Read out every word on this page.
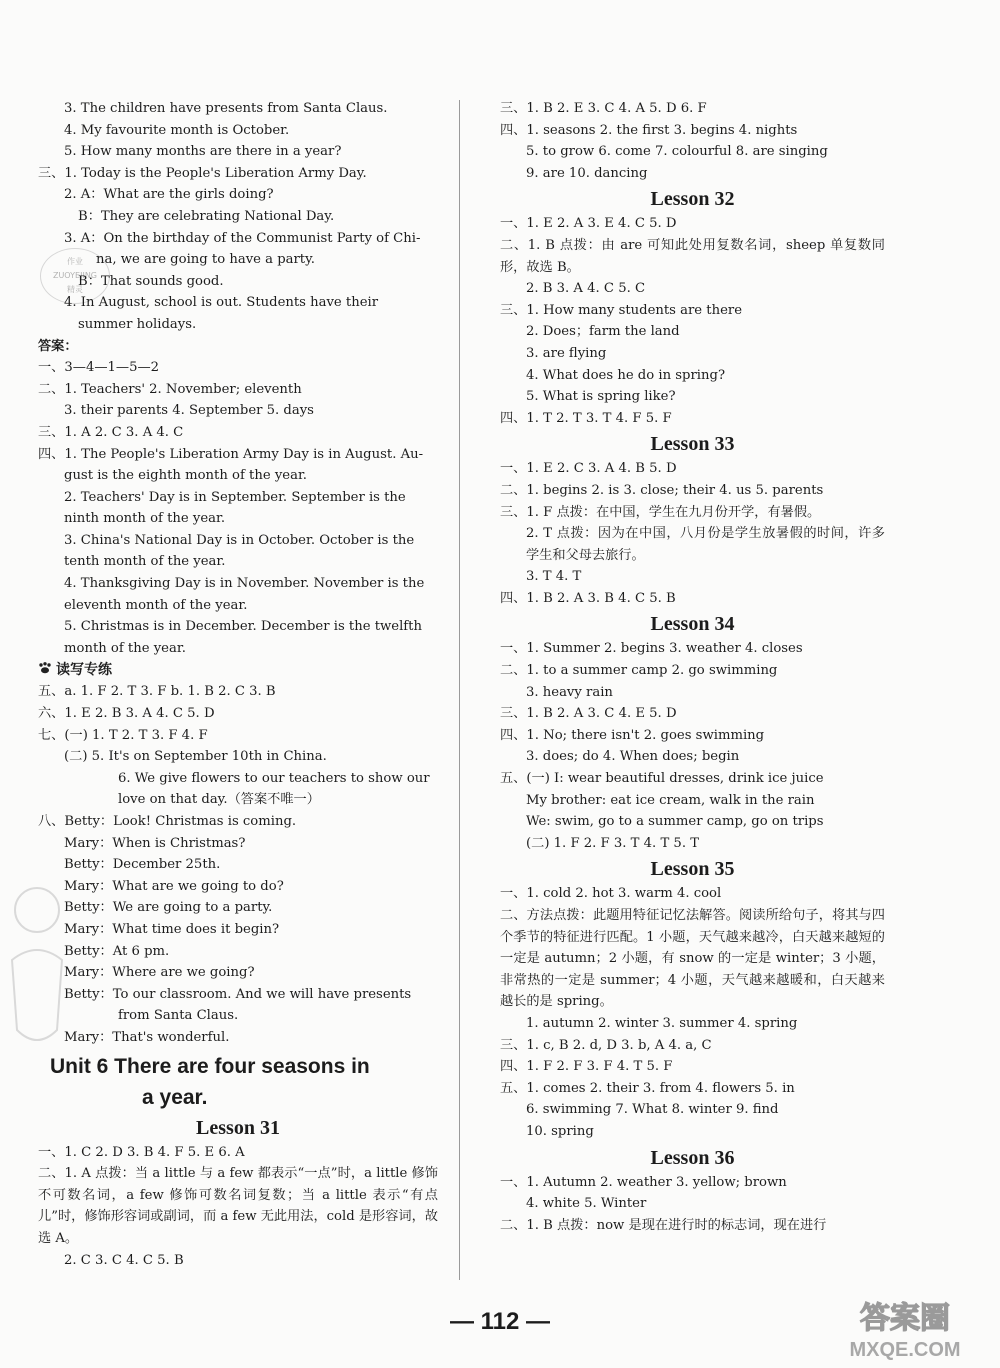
作业
ZUOYEJING
精灵
3. The children have presents from Santa Claus.
4. My favourite month is October.
5. How many months are there in a year?
三、1. Today is the People's Liberation Army Day.
2. A：What are the girls doing?
B：They are celebrating National Day.
3. A：On the birthday of the Communist Party of Chi-
na, we are going to have a party.
B：That sounds good.
4. In August, school is out. Students have their
summer holidays.
答案：
一、3—4—1—5—2
二、1. Teachers' 2. November; eleventh
3. their parents 4. September 5. days
三、1. A 2. C 3. A 4. C
四、1. The People's Liberation Army Day is in August. Au-
gust is the eighth month of the year.
2. Teachers' Day is in September. September is the
ninth month of the year.
3. China's National Day is in October. October is the
tenth month of the year.
4. Thanksgiving Day is in November. November is the
eleventh month of the year.
5. Christmas is in December. December is the twelfth
month of the year.
读写专练
五、a. 1. F 2. T 3. F b. 1. B 2. C 3. B
六、1. E 2. B 3. A 4. C 5. D
七、(一) 1. T 2. T 3. F 4. F
(二) 5. It's on September 10th in China.
6. We give flowers to our teachers to show our
love on that day.（答案不唯一）
八、Betty：Look! Christmas is coming.
Mary：When is Christmas?
Betty：December 25th.
Mary：What are we going to do?
Betty：We are going to a party.
Mary：What time does it begin?
Betty：At 6 pm.
Mary：Where are we going?
Betty：To our classroom. And we will have presents
from Santa Claus.
Mary：That's wonderful.
Unit 6 There are four seasons in
a year.
Lesson 31
一、1. C 2. D 3. B 4. F 5. E 6. A
二、1. A 点拨：当 a little 与 a few 都表示“一点”时，a little 修饰不可数名词，a few 修饰可数名词复数；当 a little 表示“有点儿”时，修饰形容词或副词，而 a few 无此用法，cold 是形容词，故选 A。
2. C 3. C 4. C 5. B
三、1. B 2. E 3. C 4. A 5. D 6. F
四、1. seasons 2. the first 3. begins 4. nights
5. to grow 6. come 7. colourful 8. are singing
9. are 10. dancing
Lesson 32
一、1. E 2. A 3. E 4. C 5. D
二、1. B 点拨：由 are 可知此处用复数名词，sheep 单复数同形，故选 B。
2. B 3. A 4. C 5. C
三、1. How many students are there
2. Does；farm the land
3. are flying
4. What does he do in spring?
5. What is spring like?
四、1. T 2. T 3. T 4. F 5. F
Lesson 33
一、1. E 2. C 3. A 4. B 5. D
二、1. begins 2. is 3. close; their 4. us 5. parents
三、1. F 点拨：在中国，学生在九月份开学，有暑假。
2. T 点拨：因为在中国，八月份是学生放暑假的时间，许多学生和父母去旅行。
3. T 4. T
四、1. B 2. A 3. B 4. C 5. B
Lesson 34
一、1. Summer 2. begins 3. weather 4. closes
二、1. to a summer camp 2. go swimming
3. heavy rain
三、1. B 2. A 3. C 4. E 5. D
四、1. No; there isn't 2. goes swimming
3. does; do 4. When does; begin
五、(一) I: wear beautiful dresses, drink ice juice
My brother: eat ice cream, walk in the rain
We: swim, go to a summer camp, go on trips
(二) 1. F 2. F 3. T 4. T 5. T
Lesson 35
一、1. cold 2. hot 3. warm 4. cool
二、方法点拨：此题用特征记忆法解答。阅读所给句子，将其与四个季节的特征进行匹配。1 小题，天气越来越冷，白天越来越短的一定是 autumn；2 小题，有 snow 的一定是 winter；3 小题，非常热的一定是 summer；4 小题，天气越来越暖和，白天越来越长的是 spring。
1. autumn 2. winter 3. summer 4. spring
三、1. c, B 2. d, D 3. b, A 4. a, C
四、1. F 2. F 3. F 4. T 5. F
五、1. comes 2. their 3. from 4. flowers 5. in
6. swimming 7. What 8. winter 9. find
10. spring
Lesson 36
一、1. Autumn 2. weather 3. yellow; brown
4. white 5. Winter
二、1. B 点拨：now 是现在进行时的标志词，现在进行
— 112 —	答案圈
MXQE.COM
